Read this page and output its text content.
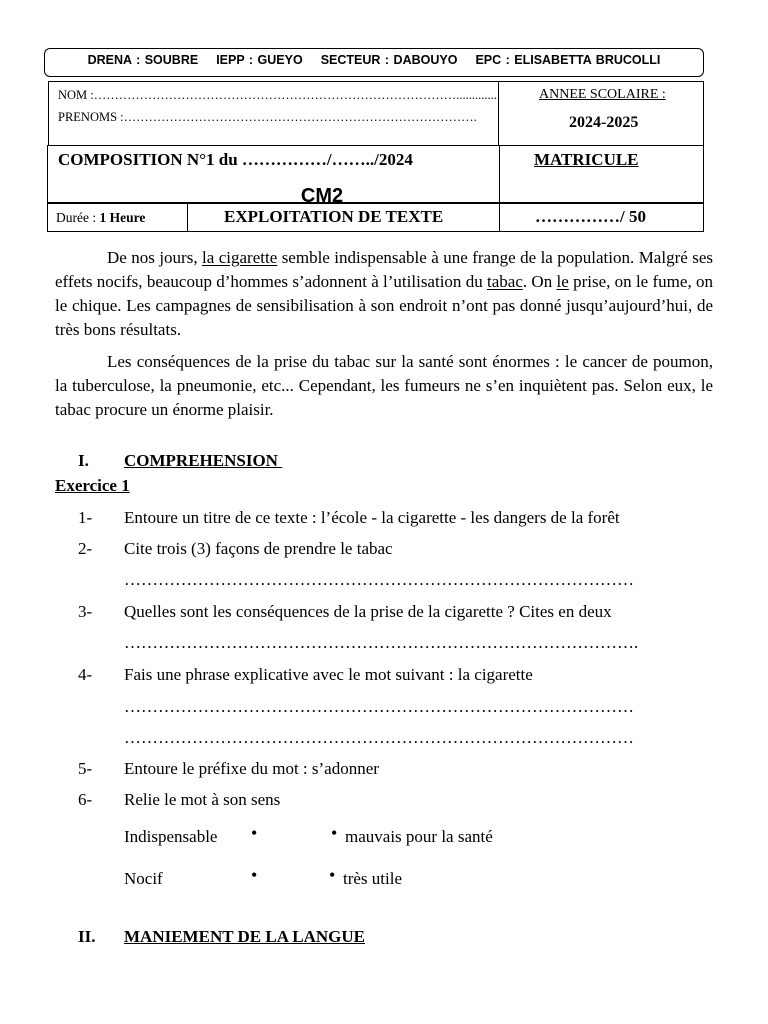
DRENA : SOUBRE IEPP : GUEYO SECTEUR : DABOUYO EPC : ELISABETTA BRUCOLLI
NOM :……………………………………………………………………………..............
PRENOMS :………………………………………………………………………….
ANNEE SCOLAIRE :
2024-2025
COMPOSITION N°1 du ……………/……../2024	MATRICULE
CM2
Durée : 1 Heure	EXPLOITATION DE TEXTE	……………/ 50

De nos jours, la cigarette semble indispensable à une frange de la population. Malgré ses effets nocifs, beaucoup d’hommes s’adonnent à l’utilisation du tabac. On le prise, on le fume, on le chique. Les campagnes de sensibilisation à son endroit n’ont pas donné jusqu’aujourd’hui, de très bons résultats.

Les conséquences de la prise du tabac sur la santé sont énormes : le cancer de poumon, la tuberculose, la pneumonie, etc... Cependant, les fumeurs ne s’en inquiètent pas. Selon eux, le tabac procure un énorme plaisir.

I. COMPREHENSION
Exercice 1
1- Entoure un titre de ce texte : l’école - la cigarette - les dangers de la forêt
2- Cite trois (3) façons de prendre le tabac
………………………………………………………………………………
3- Quelles sont les conséquences de la prise de la cigarette ? Cites en deux
……………………………………………………………………………….
4- Fais une phrase explicative avec le mot suivant : la cigarette
………………………………………………………………………………
………………………………………………………………………………
5- Entoure le préfixe du mot : s’adonner
6- Relie le mot à son sens
Indispensable •	• mauvais pour la santé
Nocif	•	• très utile
II. MANIEMENT DE LA LANGUE
